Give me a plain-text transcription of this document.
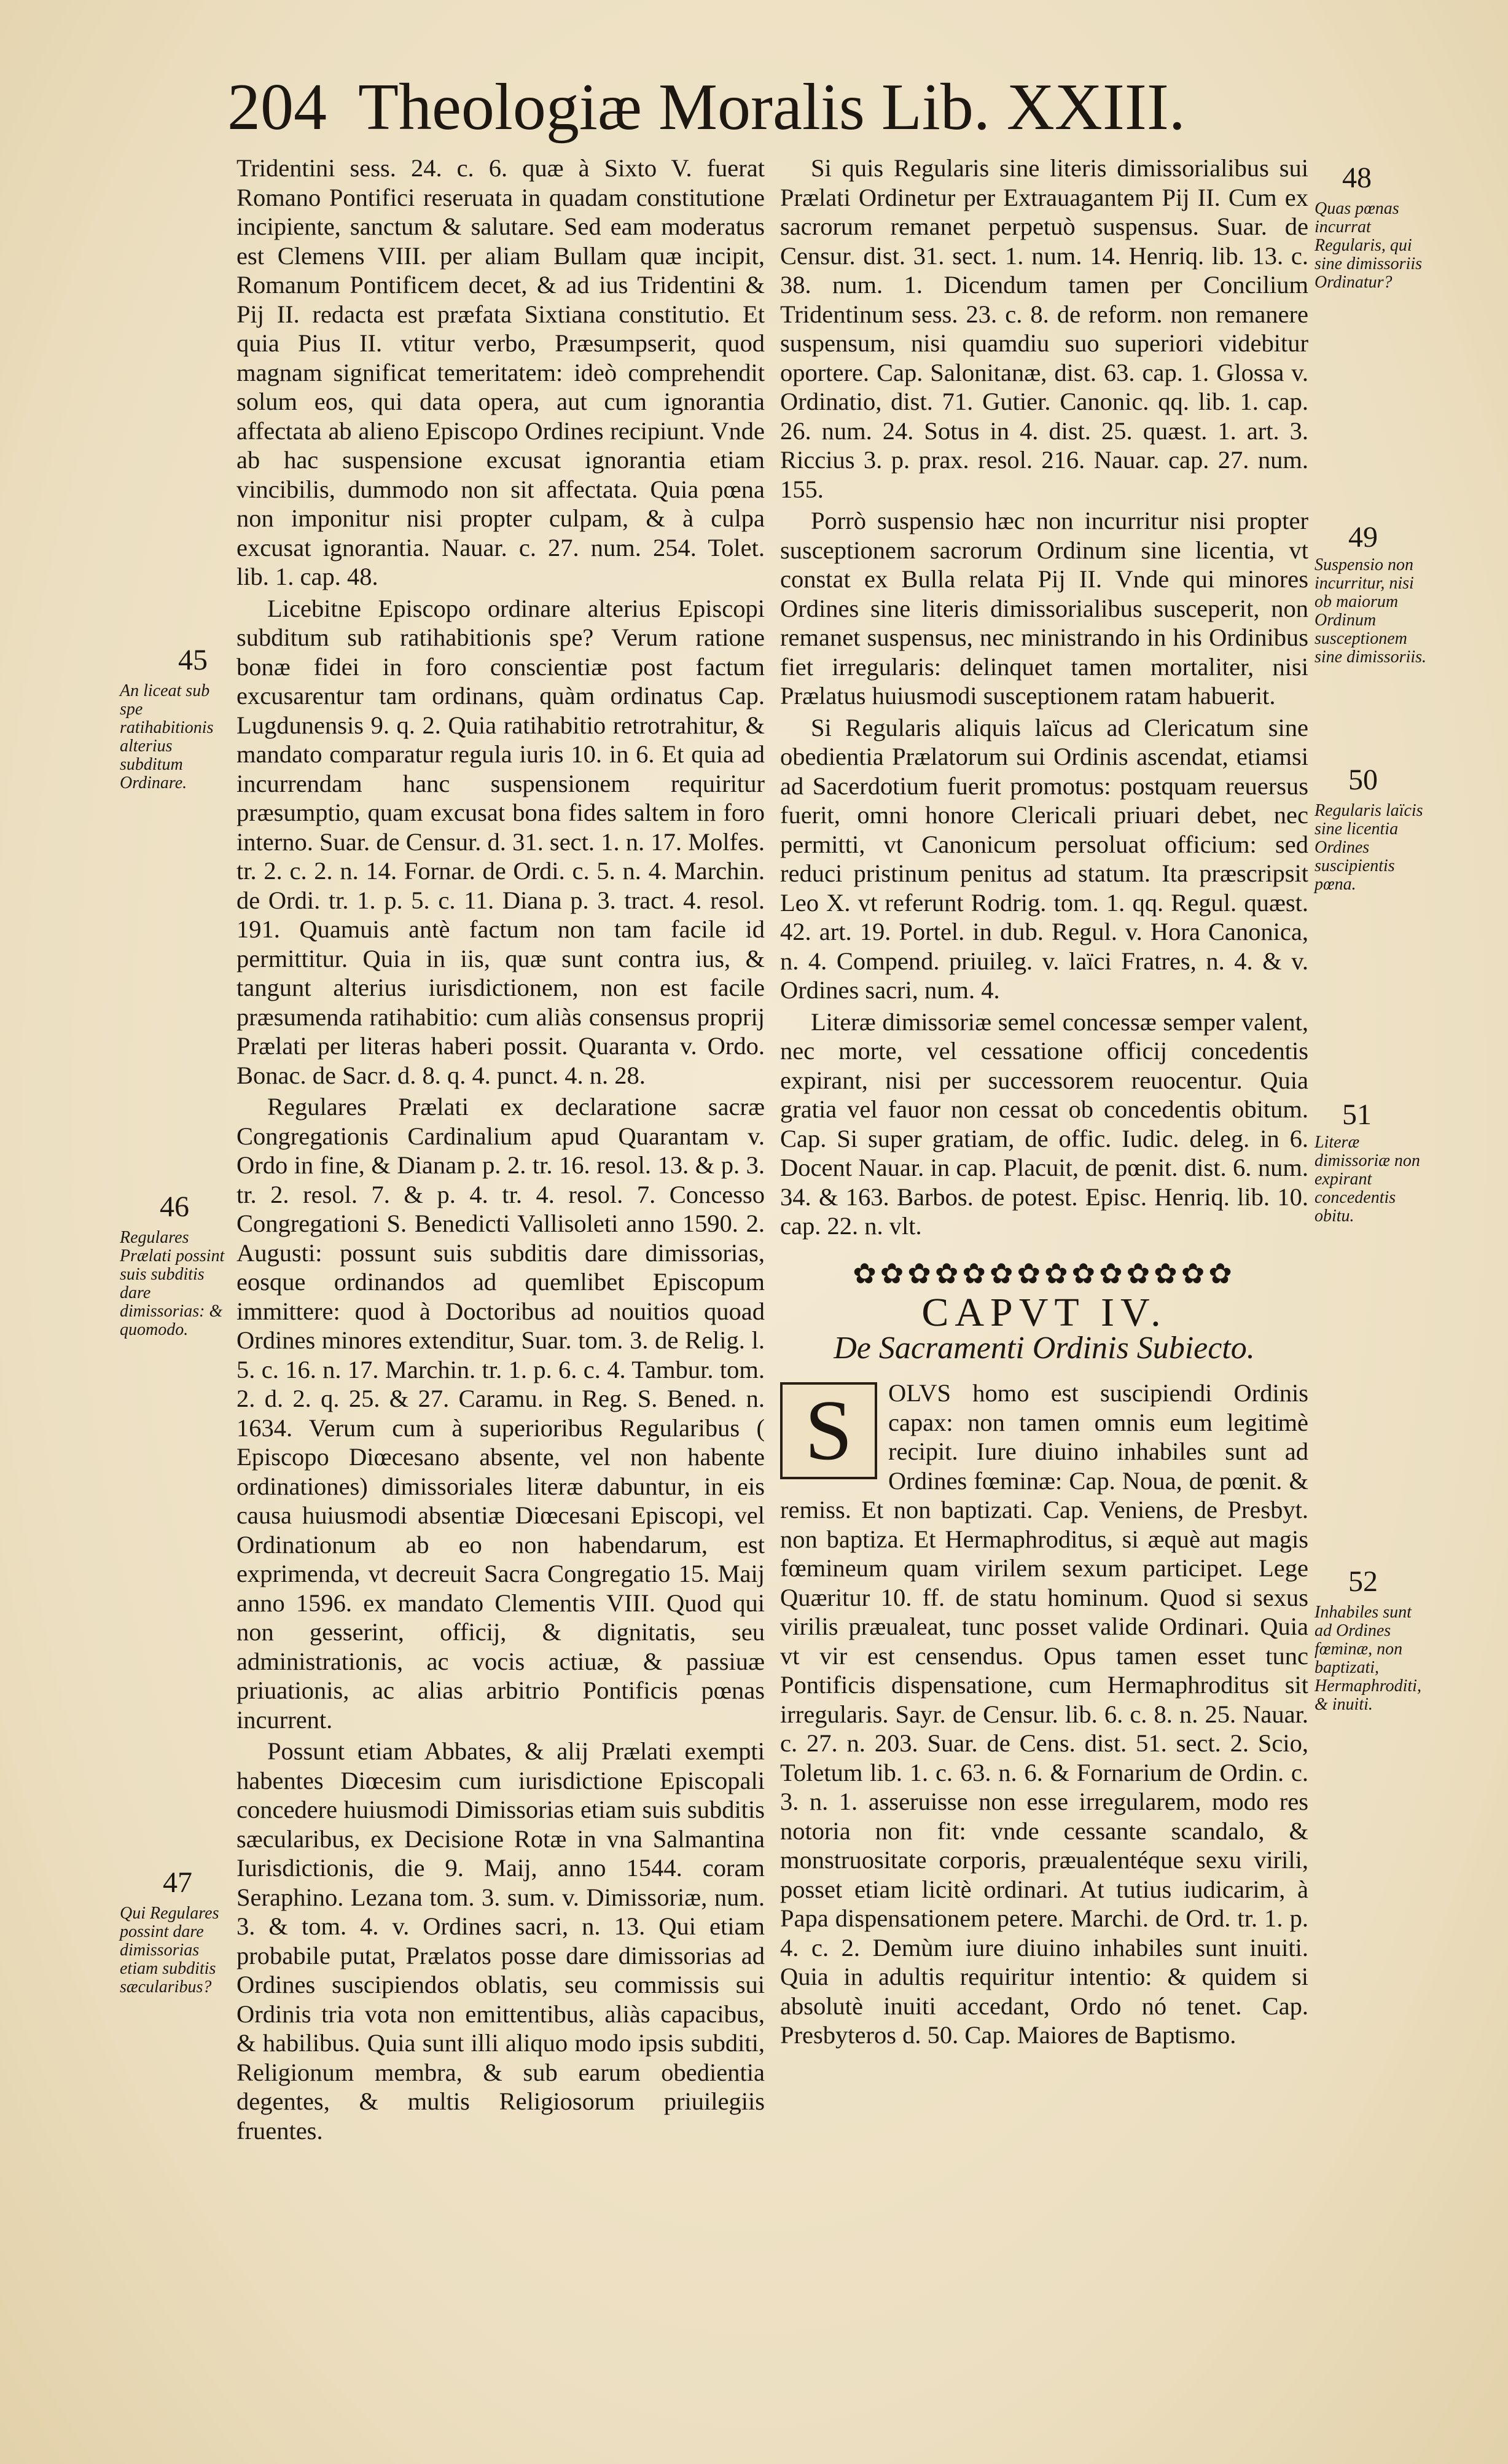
204 Theologiæ Moralis Lib. XXIII.

Tridentini sess. 24. c. 6. quæ à Sixto V. fuerat Romano Pontifici reseruata in quadam constitutione incipiente, sanctum & salutare. Sed eam moderatus est Clemens VIII. per aliam Bullam quæ incipit, Romanum Pontificem decet, & ad ius Tridentini & Pij II. redacta est præfata Sixtiana constitutio. Et quia Pius II. vtitur verbo, Præsumpserit, quod magnam significat temeritatem: ideò comprehendit solum eos, qui data opera, aut cum ignorantia affectata ab alieno Episcopo Ordines recipiunt. Vnde ab hac suspensione excusat ignorantia etiam vincibilis, dummodo non sit affectata. Quia pœna non imponitur nisi propter culpam, & à culpa excusat ignorantia. Nauar. c. 27. num. 254. Tolet. lib. 1. cap. 48.

Licebitne Episcopo ordinare alterius Episcopi subditum sub ratihabitionis spe? Verum ratione bonæ fidei in foro conscientiæ post factum excusarentur tam ordinans, quàm ordinatus Cap. Lugdunensis 9. q. 2. Quia ratihabitio retrotrahitur, & mandato comparatur regula iuris 10. in 6. Et quia ad incurrendam hanc suspensionem requiritur præsumptio, quam excusat bona fides saltem in foro interno. Suar. de Censur. d. 31. sect. 1. n. 17. Molfes. tr. 2. c. 2. n. 14. Fornar. de Ordi. c. 5. n. 4. Marchin. de Ordi. tr. 1. p. 5. c. 11. Diana p. 3. tract. 4. resol. 191. Quamuis antè factum non tam facile id permittitur. Quia in iis, quæ sunt contra ius, & tangunt alterius iurisdictionem, non est facile præsumenda ratihabitio: cum aliàs consensus proprij Prælati per literas haberi possit. Quaranta v. Ordo. Bonac. de Sacr. d. 8. q. 4. punct. 4. n. 28.

Regulares Prælati ex declaratione sacræ Congregationis Cardinalium apud Quarantam v. Ordo in fine, & Dianam p. 2. tr. 16. resol. 13. & p. 3. tr. 2. resol. 7. & p. 4. tr. 4. resol. 7. Concesso Congregationi S. Benedicti Vallisoleti anno 1590. 2. Augusti: possunt suis subditis dare dimissorias, eosque ordinandos ad quemlibet Episcopum immittere: quod à Doctoribus ad nouitios quoad Ordines minores extenditur, Suar. tom. 3. de Relig. l. 5. c. 16. n. 17. Marchin. tr. 1. p. 6. c. 4. Tambur. tom. 2. d. 2. q. 25. & 27. Caramu. in Reg. S. Bened. n. 1634. Verum cum à superioribus Regularibus ( Episcopo Diœcesano absente, vel non habente ordinationes) dimissoriales literæ dabuntur, in eis causa huiusmodi absentiæ Diœcesani Episcopi, vel Ordinationum ab eo non habendarum, est exprimenda, vt decreuit Sacra Congregatio 15. Maij anno 1596. ex mandato Clementis VIII. Quod qui non gesserint, officij, & dignitatis, seu administrationis, ac vocis actiuæ, & passiuæ priuationis, ac alias arbitrio Pontificis pœnas incurrent.

Possunt etiam Abbates, & alij Prælati exempti habentes Diœcesim cum iurisdictione Episcopali concedere huiusmodi Dimissorias etiam suis subditis sæcularibus, ex Decisione Rotæ in vna Salmantina Iurisdictionis, die 9. Maij, anno 1544. coram Seraphino. Lezana tom. 3. sum. v. Dimissoriæ, num. 3. & tom. 4. v. Ordines sacri, n. 13. Qui etiam probabile putat, Prælatos posse dare dimissorias ad Ordines suscipiendos oblatis, seu commissis sui Ordinis tria vota non emittentibus, aliàs capacibus, & habilibus. Quia sunt illi aliquo modo ipsis subditi, Religionum membra, & sub earum obedientia degentes, & multis Religiosorum priuilegiis fruentes.

45
46
47
An liceat sub spe ratihabitionis alterius subditum Ordinare.
Regulares Prælati possint suis subditis dare dimissorias: & quomodo.
Qui Regulares possint dare dimissorias etiam subditis sæcularibus?

Si quis Regularis sine literis dimissorialibus sui Prælati Ordinetur per Extrauagantem Pij II. Cum ex sacrorum remanet perpetuò suspensus. Suar. de Censur. dist. 31. sect. 1. num. 14. Henriq. lib. 13. c. 38. num. 1. Dicendum tamen per Concilium Tridentinum sess. 23. c. 8. de reform. non remanere suspensum, nisi quamdiu suo superiori videbitur oportere. Cap. Salonitanæ, dist. 63. cap. 1. Glossa v. Ordinatio, dist. 71. Gutier. Canonic. qq. lib. 1. cap. 26. num. 24. Sotus in 4. dist. 25. quæst. 1. art. 3. Riccius 3. p. prax. resol. 216. Nauar. cap. 27. num. 155.

Porrò suspensio hæc non incurritur nisi propter susceptionem sacrorum Ordinum sine licentia, vt constat ex Bulla relata Pij II. Vnde qui minores Ordines sine literis dimissorialibus susceperit, non remanet suspensus, nec ministrando in his Ordinibus fiet irregularis: delinquet tamen mortaliter, nisi Prælatus huiusmodi susceptionem ratam habuerit.

Si Regularis aliquis laïcus ad Clericatum sine obedientia Prælatorum sui Ordinis ascendat, etiamsi ad Sacerdotium fuerit promotus: postquam reuersus fuerit, omni honore Clericali priuari debet, nec permitti, vt Canonicum persoluat officium: sed reduci pristinum penitus ad statum. Ita præscripsit Leo X. vt referunt Rodrig. tom. 1. qq. Regul. quæst. 42. art. 19. Portel. in dub. Regul. v. Hora Canonica, n. 4. Compend. priuileg. v. laïci Fratres, n. 4. & v. Ordines sacri, num. 4.

Literæ dimissoriæ semel concessæ semper valent, nec morte, vel cessatione officij concedentis expirant, nisi per successorem reuocentur. Quia gratia vel fauor non cessat ob concedentis obitum. Cap. Si super gratiam, de offic. Iudic. deleg. in 6. Docent Nauar. in cap. Placuit, de pœnit. dist. 6. num. 34. & 163. Barbos. de potest. Episc. Henriq. lib. 10. cap. 22. n. vlt.

✿✿✿✿✿✿✿✿✿✿✿✿✿✿
CAPVT IV.
De Sacramenti Ordinis Subiecto.
S	OLVS homo est suscipiendi Ordinis capax: non tamen omnis eum legitimè recipit. Iure diuino inhabiles sunt ad Ordines fœminæ: Cap. Noua, de pœnit. & remiss. Et non baptizati. Cap. Veniens, de Presbyt. non baptiza. Et Hermaphroditus, si æquè aut magis fœmineum quam virilem sexum participet. Lege Quæritur 10. ff. de statu hominum. Quod si sexus virilis præualeat, tunc posset valide Ordinari. Quia vt vir est censendus. Opus tamen esset tunc Pontificis dispensatione, cum Hermaphroditus sit irregularis. Sayr. de Censur. lib. 6. c. 8. n. 25. Nauar. c. 27. n. 203. Suar. de Cens. dist. 51. sect. 2. Scio, Toletum lib. 1. c. 63. n. 6. & Fornarium de Ordin. c. 3. n. 1. asseruisse non esse irregularem, modo res notoria non fit: vnde cessante scandalo, & monstruositate corporis, præualentéque sexu virili, posset etiam licitè ordinari. At tutius iudicarim, à Papa dispensationem petere. Marchi. de Ord. tr. 1. p. 4. c. 2. Demùm iure diuino inhabiles sunt inuiti. Quia in adultis requiritur intentio: & quidem si absolutè inuiti accedant, Ordo nó tenet. Cap. Presbyteros d. 50. Cap. Maiores de Baptismo.

48
49
50
51
52
Quas pœnas incurrat Regularis, qui sine dimissoriis Ordinatur?
Suspensio non incurritur, nisi ob maiorum Ordinum susceptionem sine dimissoriis.
Regularis laïcis sine licentia Ordines suscipientis pœna.
Literæ dimissoriæ non expirant concedentis obitu.
Inhabiles sunt ad Ordines fœminæ, non baptizati, Hermaphroditi, & inuiti.
